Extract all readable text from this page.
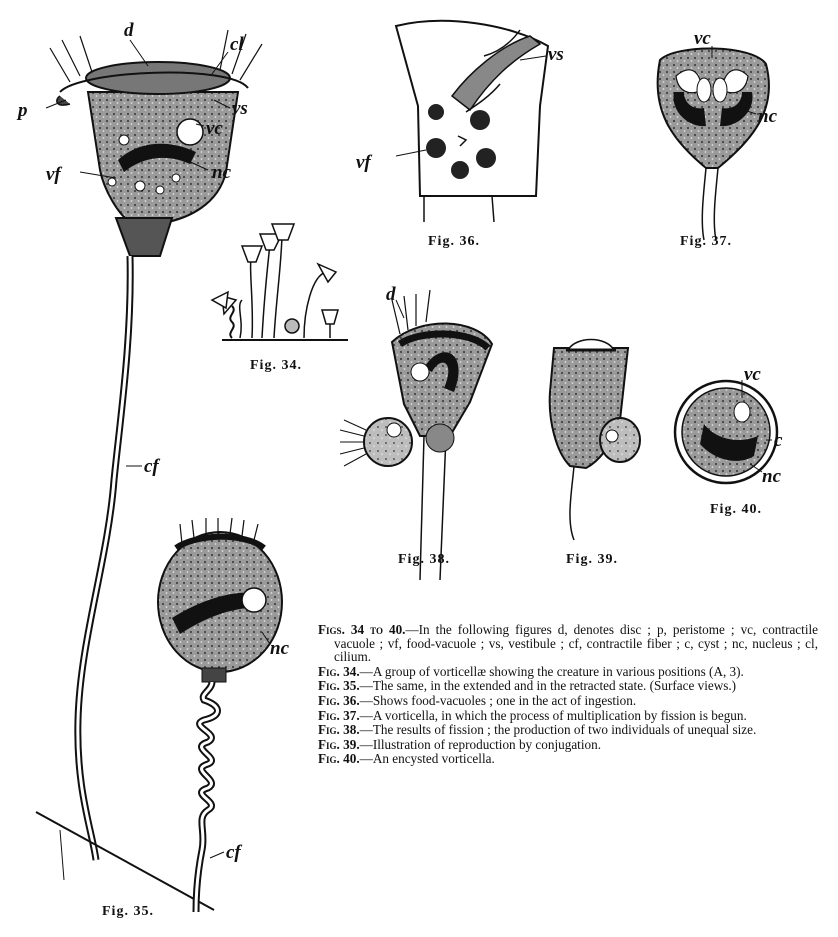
d
cl
p	vs
vc
vf	nc
cf
nc
cf
vs
vf
vc
nc
d
vc
c
nc
Fig. 34.
Fig. 35.
Fig. 36.	Fig. 37.
Fig. 38.	Fig. 39.
Fig. 40.

Figs. 34 to 40.—In the following figures d, denotes disc ; p, peristome ; vc, contractile vacuole ; vf, food-vacuole ; vs, vestibule ; cf, contractile fiber ; c, cyst ; nc, nucleus ; cl, cilium.

Fig. 34.—A group of vorticellæ showing the creature in various positions (A, 3).

Fig. 35.—The same, in the extended and in the retracted state. (Surface views.)

Fig. 36.—Shows food-vacuoles ; one in the act of ingestion.

Fig. 37.—A vorticella, in which the process of multiplication by fission is begun.

Fig. 38.—The results of fission ; the production of two individuals of unequal size.

Fig. 39.—Illustration of reproduction by conjugation.

Fig. 40.—An encysted vorticella.
